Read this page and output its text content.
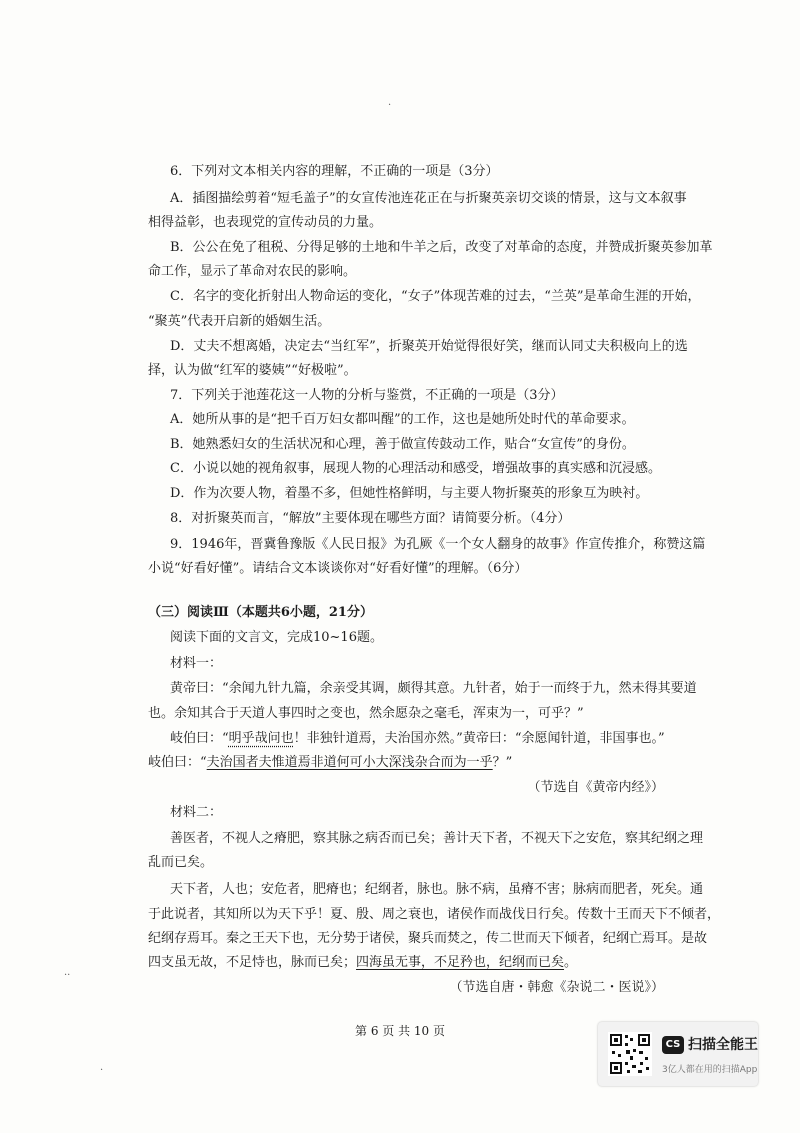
6．下列对文本相关内容的理解，不正确的一项是（3分）
A．插图描绘剪着“短毛盖子”的女宣传池连花正在与折聚英亲切交谈的情景，这与文本叙事
相得益彰，也表现党的宣传动员的力量。
B．公公在免了租税、分得足够的土地和牛羊之后，改变了对革命的态度，并赞成折聚英参加革
命工作，显示了革命对农民的影响。
C．名字的变化折射出人物命运的变化，“女子”体现苦难的过去，“兰英”是革命生涯的开始，
“聚英”代表开启新的婚姻生活。
D．丈夫不想离婚，决定去“当红军”，折聚英开始觉得很好笑，继而认同丈夫积极向上的选
择，认为做“红军的婆姨”“好极啦”。
7．下列关于池莲花这一人物的分析与鉴赏，不正确的一项是（3分）
A．她所从事的是“把千百万妇女都叫醒”的工作，这也是她所处时代的革命要求。
B．她熟悉妇女的生活状况和心理，善于做宣传鼓动工作，贴合“女宣传”的身份。
C．小说以她的视角叙事，展现人物的心理活动和感受，增强故事的真实感和沉浸感。
D．作为次要人物，着墨不多，但她性格鲜明，与主要人物折聚英的形象互为映衬。
8．对折聚英而言，“解放”主要体现在哪些方面？请简要分析。（4分）
9．1946年，晋冀鲁豫版《人民日报》为孔厥《一个女人翻身的故事》作宣传推介，称赞这篇
小说“好看好懂”。请结合文本谈谈你对“好看好懂”的理解。（6分）
（三）阅读Ⅲ（本题共6小题，21分）
阅读下面的文言文，完成10~16题。
材料一：
黄帝曰：“余闻九针九篇，余亲受其调，颇得其意。九针者，始于一而终于九，然未得其要道
也。余知其合于天道人事四时之变也，然余愿杂之毫毛，浑束为一，可乎？”
岐伯曰：“明乎哉问也！非独针道焉，夫治国亦然。”黄帝曰：“余愿闻针道，非国事也。”
岐伯曰：“夫治国者夫惟道焉非道何可小大深浅杂合而为一乎？”
（节选自《黄帝内经》）
材料二：
善医者，不视人之瘠肥，察其脉之病否而已矣；善计天下者，不视天下之安危，察其纪纲之理
乱而已矣。
天下者，人也；安危者，肥瘠也；纪纲者，脉也。脉不病，虽瘠不害；脉病而肥者，死矣。通
于此说者，其知所以为天下乎！夏、殷、周之衰也，诸侯作而战伐日行矣。传数十王而天下不倾者，
纪纲存焉耳。秦之王天下也，无分势于诸侯，聚兵而焚之，传二世而天下倾者，纪纲亡焉耳。是故
四支虽无故，不足恃也，脉而已矣；四海虽无事，不足矜也，纪纲而已矣。
（节选自唐・韩愈《杂说二・医说》）
第 6 页 共 10 页
CS 扫描全能王
3亿人都在用的扫描App
·
··
·
